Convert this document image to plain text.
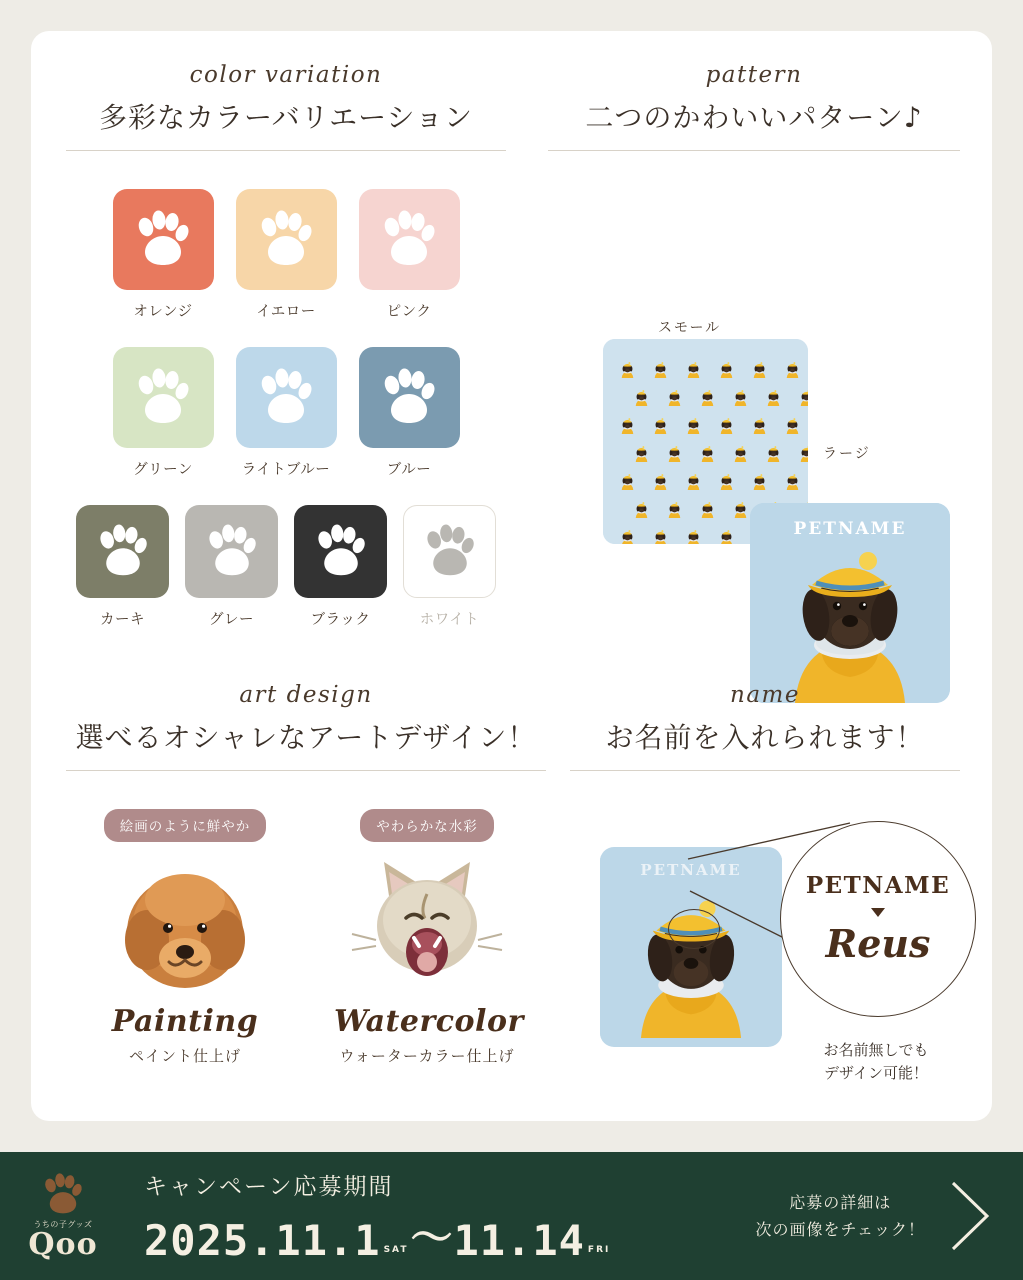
color variation
多彩なカラーバリエーション
オレンジ	イエロー	ピンク
グリーン	ライトブルー	ブルー
カーキ	グレー	ブラック	ホワイト
pattern
二つのかわいいパターン♪
スモール
ラージ
PETNAME
art design
選べるオシャレなアートデザイン！
絵画のように鮮やか
Painting
ペイント仕上げ
やわらかな水彩
Watercolor
ウォーターカラー仕上げ
name
お名前を入れられます！
PETNAME
PETNAME
Reus
お名前無しでも
デザイン可能！
うちの子グッズ
Qoo
キャンペーン応募期間
2025.11.1 SAT 〜 11.14 FRI
応募の詳細は
次の画像をチェック！
